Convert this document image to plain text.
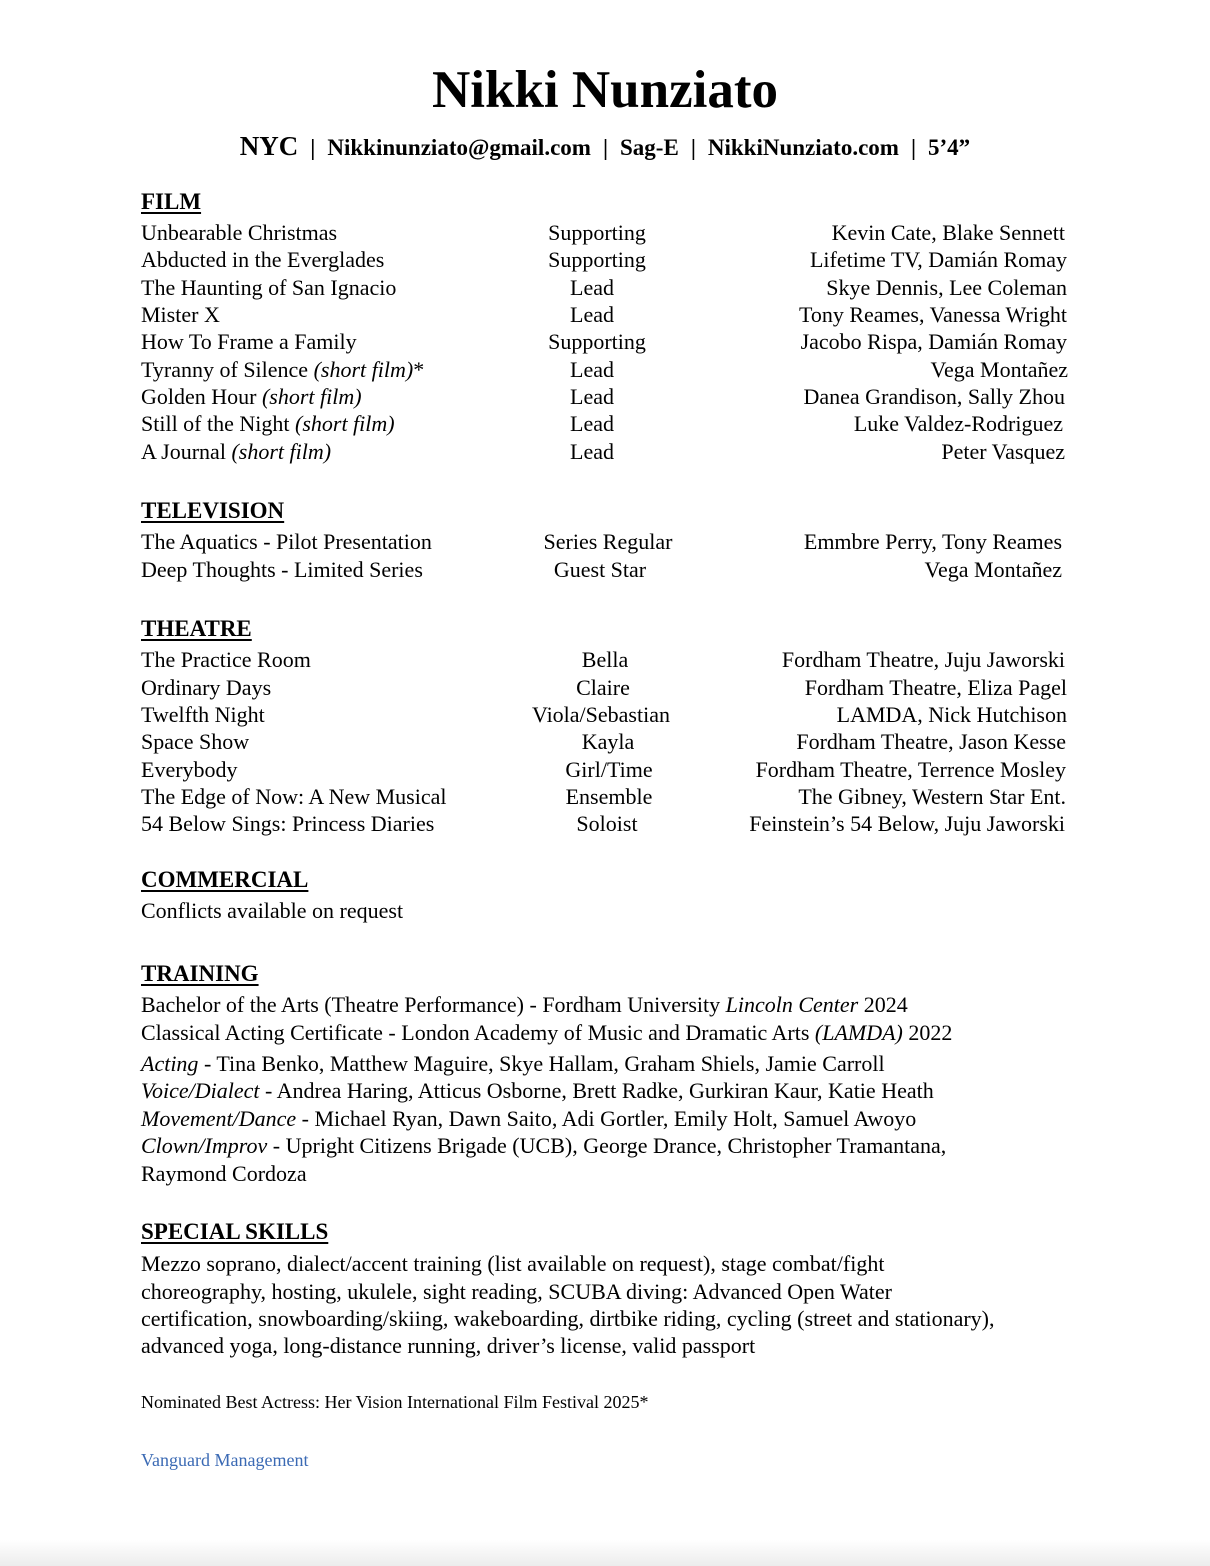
Nikki Nunziato
NYC | Nikkinunziato@gmail.com | Sag-E | NikkiNunziato.com | 5’4”
FILM
Unbearable Christmas	Supporting	Kevin Cate, Blake Sennett
Abducted in the Everglades	Supporting	Lifetime TV, Damián Romay
The Haunting of San Ignacio	Lead	Skye Dennis, Lee Coleman
Mister X	Lead	Tony Reames, Vanessa Wright
How To Frame a Family	Supporting	Jacobo Rispa, Damián Romay
Tyranny of Silence (short film)*	Lead	Vega Montañez
Golden Hour (short film)	Lead	Danea Grandison, Sally Zhou
Still of the Night (short film)	Lead	Luke Valdez-Rodriguez
A Journal (short film)	Lead	Peter Vasquez
TELEVISION
The Aquatics - Pilot Presentation	Series Regular	Emmbre Perry, Tony Reames
Deep Thoughts - Limited Series	Guest Star	Vega Montañez
THEATRE
The Practice Room	Bella	Fordham Theatre, Juju Jaworski
Ordinary Days	Claire	Fordham Theatre, Eliza Pagel
Twelfth Night	Viola/Sebastian	LAMDA, Nick Hutchison
Space Show	Kayla	Fordham Theatre, Jason Kesse
Everybody	Girl/Time	Fordham Theatre, Terrence Mosley
The Edge of Now: A New Musical	Ensemble	The Gibney, Western Star Ent.
54 Below Sings: Princess Diaries	Soloist	Feinstein’s 54 Below, Juju Jaworski
COMMERCIAL
Conflicts available on request
TRAINING
Bachelor of the Arts (Theatre Performance) - Fordham University Lincoln Center 2024
Classical Acting Certificate - London Academy of Music and Dramatic Arts (LAMDA) 2022
Acting - Tina Benko, Matthew Maguire, Skye Hallam, Graham Shiels, Jamie Carroll
Voice/Dialect - Andrea Haring, Atticus Osborne, Brett Radke, Gurkiran Kaur, Katie Heath
Movement/Dance - Michael Ryan, Dawn Saito, Adi Gortler, Emily Holt, Samuel Awoyo
Clown/Improv - Upright Citizens Brigade (UCB), George Drance, Christopher Tramantana,
Raymond Cordoza
SPECIAL SKILLS
Mezzo soprano, dialect/accent training (list available on request), stage combat/fight
choreography, hosting, ukulele, sight reading, SCUBA diving: Advanced Open Water
certification, snowboarding/skiing, wakeboarding, dirtbike riding, cycling (street and stationary),
advanced yoga, long-distance running, driver’s license, valid passport
Nominated Best Actress: Her Vision International Film Festival 2025*
Vanguard Management
